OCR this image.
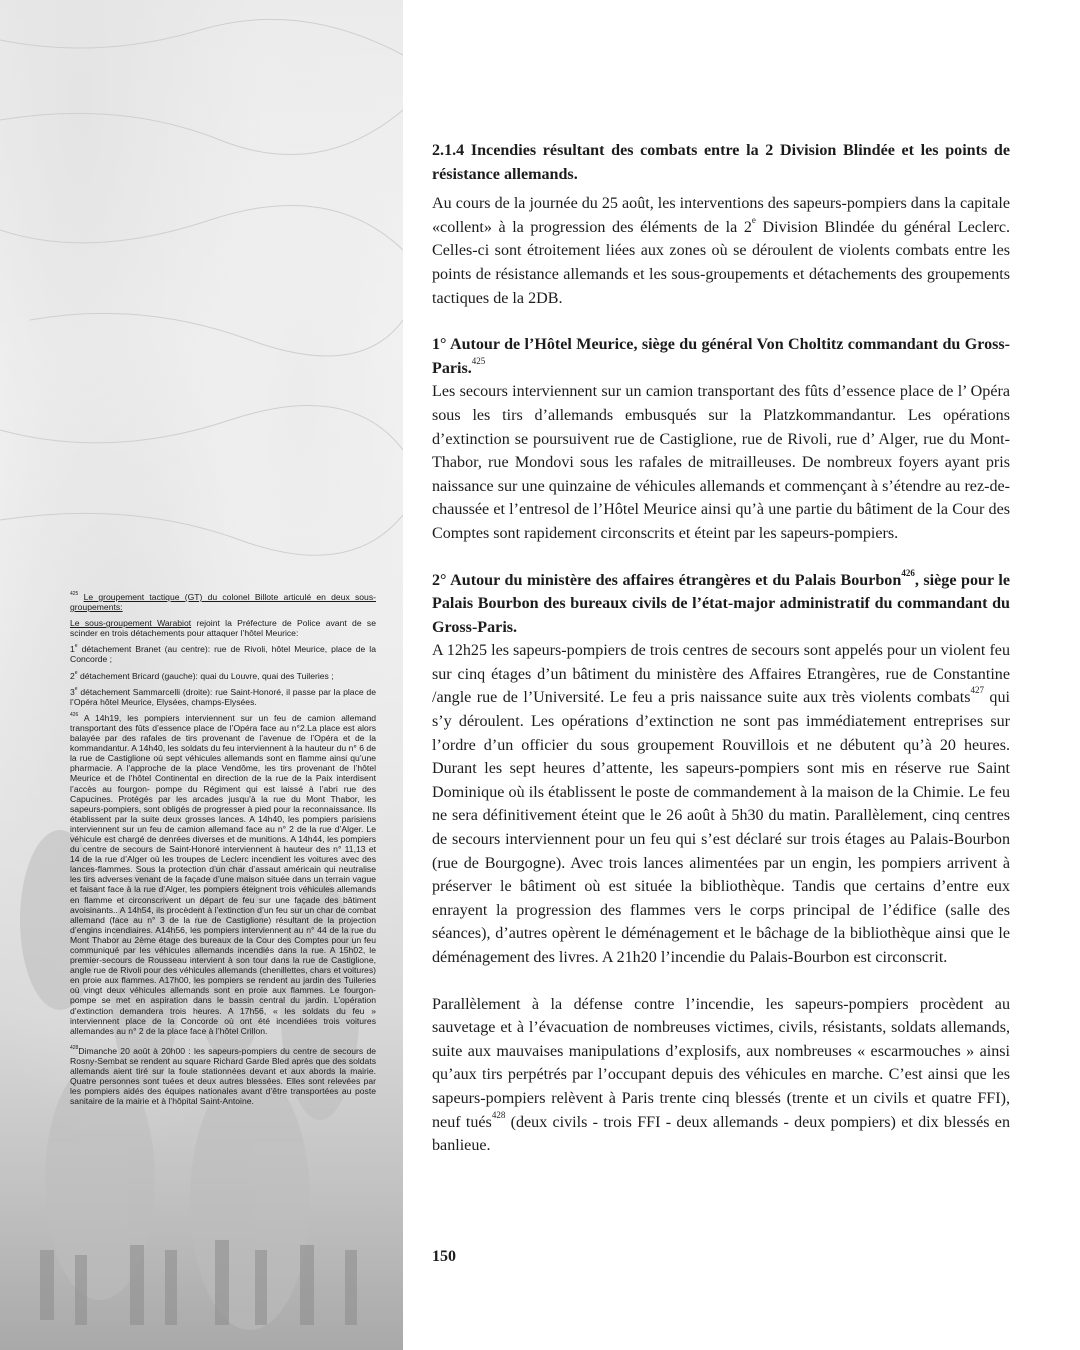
$^{425}$ Le groupement tactique (GT) du colonel Billote articulé en deux sous-groupements:

Le sous-groupement Warabiot rejoint la Préfecture de Police avant de se scinder en trois détachements pour attaquer l’hôtel Meurice:

1e détachement Branet (au centre): rue de Rivoli, hôtel Meurice, place de la Concorde ;

2e détachement Bricard (gauche): quai du Louvre, quai des Tuileries ;

3e détachement Sammarcelli (droite): rue Saint-Honoré, il passe par la place de l’Opéra hôtel Meurice, Elysées, champs-Elysées.

$^{426}$ A 14h19, les pompiers interviennent sur un feu de camion allemand transportant des fûts d’essence place de l’Opéra face au n°2.La place est alors balayée par des rafales de tirs provenant de l’avenue de l’Opéra et de la kommandantur. A 14h40, les soldats du feu interviennent à la hauteur du n° 6 de la rue de Castiglione où sept véhicules allemands sont en flamme ainsi qu’une pharmacie. A l’approche de la place Vendôme, les tirs provenant de l’hôtel Meurice et de l’hôtel Continental en direction de la rue de la Paix interdisent l’accès au fourgon- pompe du Régiment qui est laissé à l’abri rue des Capucines. Protégés par les arcades jusqu’à la rue du Mont Thabor, les sapeurs-pompiers, sont obligés de progresser à pied pour la reconnaissance. Ils établissent par la suite deux grosses lances. A 14h40, les pompiers parisiens interviennent sur un feu de camion allemand face au n° 2 de la rue d’Alger. Le véhicule est chargé de denrées diverses et de munitions. A 14h44, les pompiers du centre de secours de Saint-Honoré interviennent à hauteur des n° 11,13 et 14 de la rue d’Alger où les troupes de Leclerc incendient les voitures avec des lances-flammes. Sous la protection d’un char d’assaut américain qui neutralise les tirs adverses venant de la façade d’une maison située dans un terrain vague et faisant face à la rue d’Alger, les pompiers éteignent trois véhicules allemands en flamme et circonscrivent un départ de feu sur une façade des bâtiment avoisinants.. A 14h54, ils procèdent à l’extinction d’un feu sur un char de combat allemand (face au n° 3 de la rue de Castiglione) résultant de la projection d’engins incendiaires. A14h56, les pompiers interviennent au n° 44 de la rue du Mont Thabor au 2ème étage des bureaux de la Cour des Comptes pour un feu communiqué par les véhicules allemands incendiés dans la rue. A 15h02, le premier-secours de Rousseau intervient à son tour dans la rue de Castiglione, angle rue de Rivoli pour des véhicules allemands (chenillettes, chars et voitures) en proie aux flammes. A17h00, les pompiers se rendent au jardin des Tuileries où vingt deux véhicules allemands sont en proie aux flammes. Le fourgon-pompe se met en aspiration dans le bassin central du jardin. L’opération d’extinction demandera trois heures. A 17h56, « les soldats du feu » interviennent place de la Concorde où ont été incendiées trois voitures allemandes au n° 2 de la place face à l’hôtel Crillon.

$^{428}$Dimanche 20 août à 20h00 : les sapeurs-pompiers du centre de secours de Rosny-Sembat se rendent au square Richard Garde Bled après que des soldats allemands aient tiré sur la foule stationnées devant et aux abords la mairie. Quatre personnes sont tuées et deux autres blessées. Elles sont relevées par les pompiers aidés des équipes nationales avant d’être transportées au poste sanitaire de la mairie et à l’hôpital Saint-Antoine.

2.1.4 Incendies résultant des combats entre la 2 Division Blindée et les points de résistance allemands.

Au cours de la journée du 25 août, les interventions des sapeurs-pompiers dans la capitale «collent» à la progression des éléments de la 2e Division Blindée du général Leclerc. Celles-ci sont étroitement liées aux zones où se déroulent de violents combats entre les points de résistance allemands et les sous-groupements et détachements des groupements tactiques de la 2DB.

1° Autour de l’Hôtel Meurice, siège du général Von Choltitz commandant du Gross-Paris.$^{425}$

Les secours interviennent sur un camion transportant des fûts d’essence place de l’ Opéra sous les tirs d’allemands embusqués sur la Platzkommandantur. Les opérations d’extinction se poursuivent rue de Castiglione, rue de Rivoli, rue d’ Alger, rue du Mont-Thabor, rue Mondovi sous les rafales de mitrailleuses. De nombreux foyers ayant pris naissance sur une quinzaine de véhicules allemands et commençant à s’étendre au rez-de-chaussée et l’entresol de l’Hôtel Meurice ainsi qu’à une partie du bâtiment de la Cour des Comptes sont rapidement circonscrits et éteint par les sapeurs-pompiers.

2° Autour du ministère des affaires étrangères et du Palais Bourbon$^{426}$, siège pour le Palais Bourbon des bureaux civils de l’état-major administratif du commandant du Gross-Paris.

A 12h25 les sapeurs-pompiers de trois centres de secours sont appelés pour un violent feu sur cinq étages d’un bâtiment du ministère des Affaires Etrangères, rue de Constantine /angle rue de l’Université. Le feu a pris naissance suite aux très violents combats$^{427}$ qui s’y déroulent. Les opérations d’extinction ne sont pas immédiatement entreprises sur l’ordre d’un officier du sous groupement Rouvillois et ne débutent qu’à 20 heures. Durant les sept heures d’attente, les sapeurs-pompiers sont mis en réserve rue Saint Dominique où ils établissent le poste de commandement à la maison de la Chimie. Le feu ne sera définitivement éteint que le 26 août à 5h30 du matin. Parallèlement, cinq centres de secours interviennent pour un feu qui s’est déclaré sur trois étages au Palais-Bourbon (rue de Bourgogne). Avec trois lances alimentées par un engin, les pompiers arrivent à préserver le bâtiment où est située la bibliothèque. Tandis que certains d’entre eux enrayent la progression des flammes vers le corps principal de l’édifice (salle des séances), d’autres opèrent le déménagement et le bâchage de la bibliothèque ainsi que le déménagement des livres. A 21h20 l’incendie du Palais-Bourbon est circonscrit.

Parallèlement à la défense contre l’incendie, les sapeurs-pompiers procèdent au sauvetage et à l’évacuation de nombreuses victimes, civils, résistants, soldats allemands, suite aux mauvaises manipulations d’explosifs, aux nombreuses « escarmouches » ainsi qu’aux tirs perpétrés par l’occupant depuis des véhicules en marche. C’est ainsi que les sapeurs-pompiers relèvent à Paris trente cinq blessés (trente et un civils et quatre FFI), neuf tués$^{428}$ (deux civils - trois FFI - deux allemands - deux pompiers) et dix blessés en banlieue.

150
